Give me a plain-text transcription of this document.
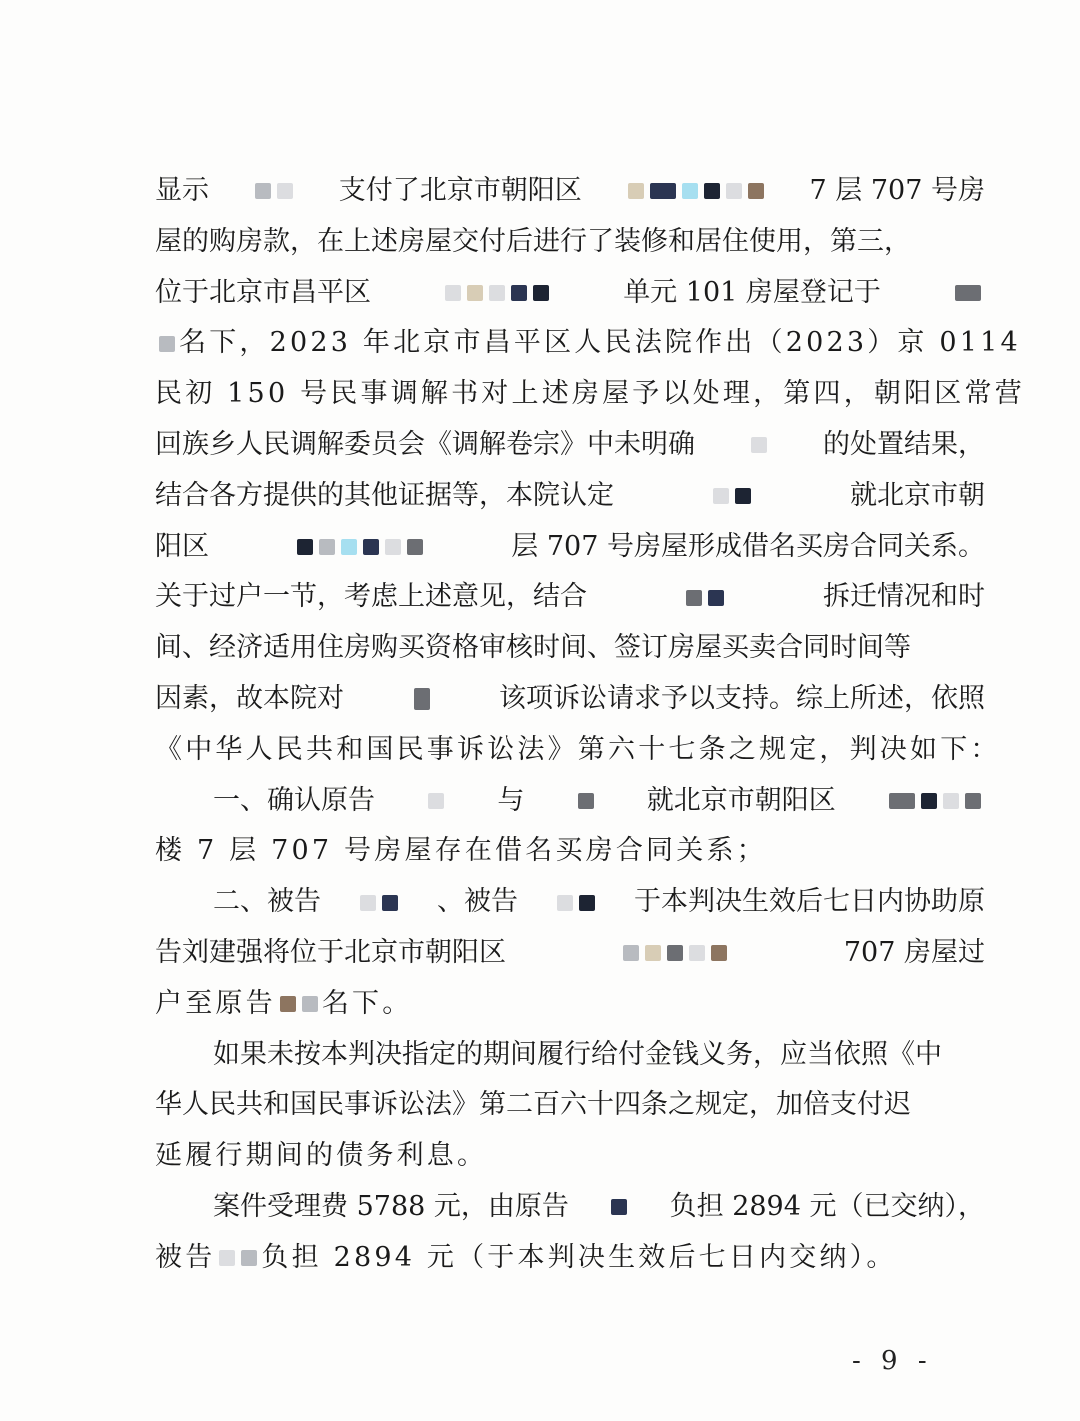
显示	支付了北京市朝阳区	7 层 707 号房
屋的购房款，在上述房屋交付后进行了装修和居住使用，第三，
位于北京市昌平区	单元 101 房屋登记于
名下，2023 年北京市昌平区人民法院作出（2023）京 0114
民初 150 号民事调解书对上述房屋予以处理，第四，朝阳区常营
回族乡人民调解委员会《调解卷宗》中未明确	的处置结果，
结合各方提供的其他证据等，本院认定	就北京市朝
阳区	层 707 号房屋形成借名买房合同关系。
关于过户一节，考虑上述意见，结合	拆迁情况和时
间、经济适用住房购买资格审核时间、签订房屋买卖合同时间等
因素，故本院对	该项诉讼请求予以支持。综上所述，依照
《中华人民共和国民事诉讼法》第六十七条之规定，判决如下：
一、确认原告	与	就北京市朝阳区
楼 7 层 707 号房屋存在借名买房合同关系；
二、被告	、被告	于本判决生效后七日内协助原
告刘建强将位于北京市朝阳区	707 房屋过
户至原告 名下。
如果未按本判决指定的期间履行给付金钱义务，应当依照《中
华人民共和国民事诉讼法》第二百六十四条之规定，加倍支付迟
延履行期间的债务利息。
案件受理费 5788 元，由原告	负担 2894 元（已交纳），
被告 负担 2894 元（于本判决生效后七日内交纳）。
- 9 -
